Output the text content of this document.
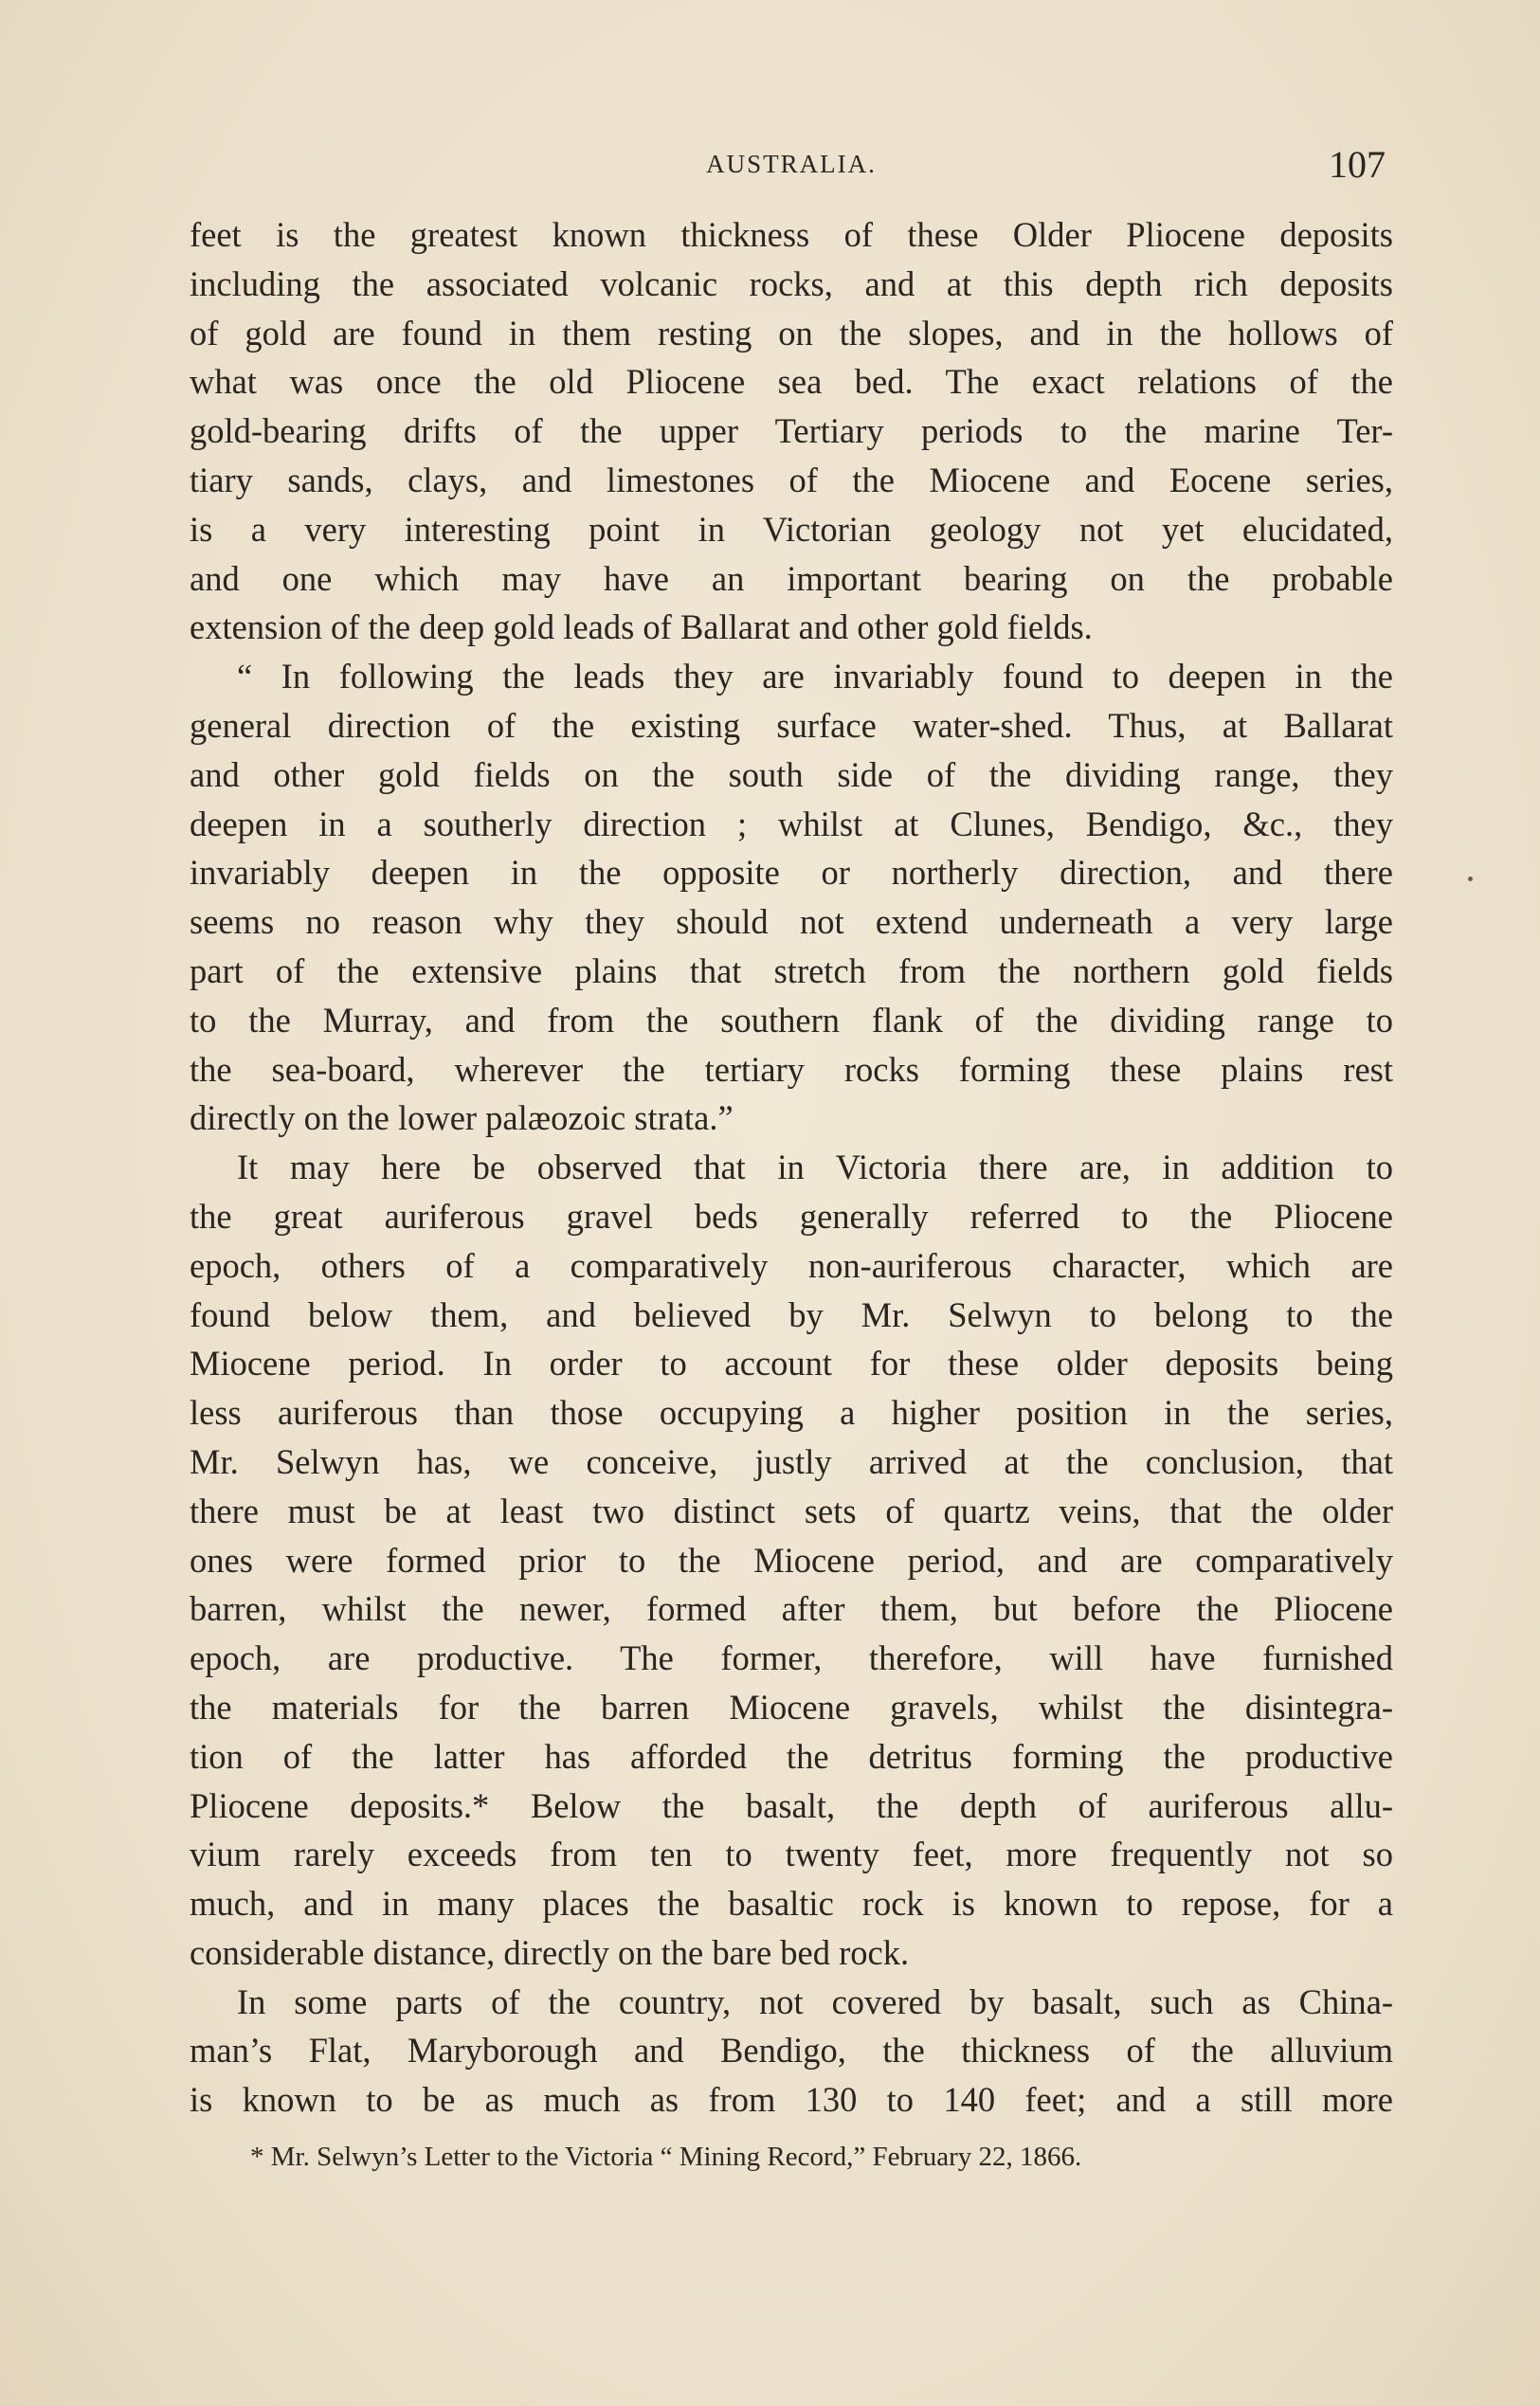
AUSTRALIA.	107
feet is the greatest known thickness of these Older Pliocene deposits
including the associated volcanic rocks, and at this depth rich deposits
of gold are found in them resting on the slopes, and in the hollows of
what was once the old Pliocene sea bed. The exact relations of the
gold-bearing drifts of the upper Tertiary periods to the marine Ter-
tiary sands, clays, and limestones of the Miocene and Eocene series,
is a very interesting point in Victorian geology not yet elucidated,
and one which may have an important bearing on the probable
extension of the deep gold leads of Ballarat and other gold fields.
“ In following the leads they are invariably found to deepen in the
general direction of the existing surface water-shed. Thus, at Ballarat
and other gold fields on the south side of the dividing range, they
deepen in a southerly direction ; whilst at Clunes, Bendigo, &c., they
invariably deepen in the opposite or northerly direction, and there
seems no reason why they should not extend underneath a very large
part of the extensive plains that stretch from the northern gold fields
to the Murray, and from the southern flank of the dividing range to
the sea-board, wherever the tertiary rocks forming these plains rest
directly on the lower palæozoic strata.”
It may here be observed that in Victoria there are, in addition to
the great auriferous gravel beds generally referred to the Pliocene
epoch, others of a comparatively non-auriferous character, which are
found below them, and believed by Mr. Selwyn to belong to the
Miocene period. In order to account for these older deposits being
less auriferous than those occupying a higher position in the series,
Mr. Selwyn has, we conceive, justly arrived at the conclusion, that
there must be at least two distinct sets of quartz veins, that the older
ones were formed prior to the Miocene period, and are comparatively
barren, whilst the newer, formed after them, but before the Pliocene
epoch, are productive. The former, therefore, will have furnished
the materials for the barren Miocene gravels, whilst the disintegra-
tion of the latter has afforded the detritus forming the productive
Pliocene deposits.* Below the basalt, the depth of auriferous allu-
vium rarely exceeds from ten to twenty feet, more frequently not so
much, and in many places the basaltic rock is known to repose, for a
considerable distance, directly on the bare bed rock.
In some parts of the country, not covered by basalt, such as China-
man’s Flat, Maryborough and Bendigo, the thickness of the alluvium
is known to be as much as from 130 to 140 feet; and a still more
* Mr. Selwyn’s Letter to the Victoria “ Mining Record,” February 22, 1866.
